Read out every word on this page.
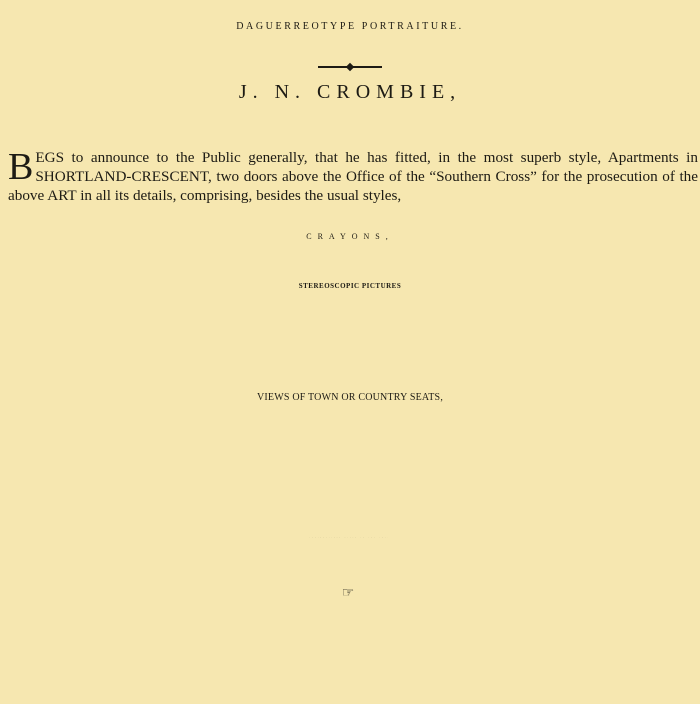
DAGUERREOTYPE PORTRAITURE.
J. N. CROMBIE,
B EGS to announce to the Public generally, that he has fitted, in the most superb style, Apartments in SHORTLAND-CRESCENT, two doors above the Office of the “Southern Cross” for the prosecution of the above ART in all its details, comprising, besides the usual styles,

CRAYONS,
STEREOSCOPIC PICTURES
VIEWS OF TOWN OR COUNTRY SEATS,
☞
